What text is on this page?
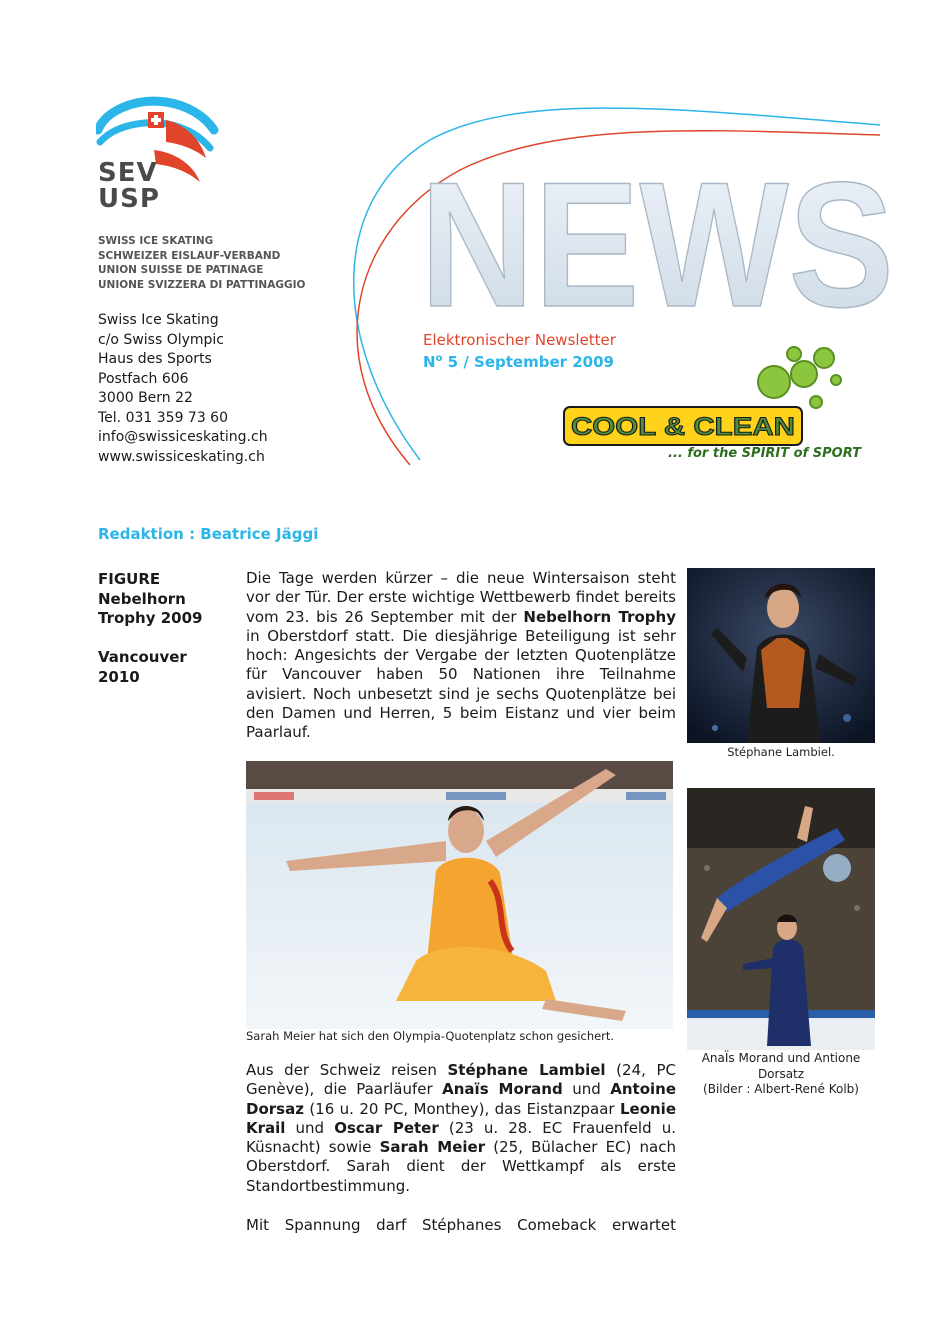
SEV
USP
SWISS ICE SKATING
SCHWEIZER EISLAUF-VERBAND
UNION SUISSE DE PATINAGE
UNIONE SVIZZERA DI PATTINAGGIO
Swiss Ice Skating
c/o Swiss Olympic
Haus des Sports
Postfach 606
3000 Bern 22
Tel. 031 359 73 60
info@swissiceskating.ch
www.swissiceskating.ch
NEWS
Elektronischer Newsletter
$N^o$ 5 / September 2009
COOL & CLEAN
... for the SPIRIT of SPORT
Redaktion : Beatrice Jäggi
FIGURE
Nebelhorn
Trophy 2009
Vancouver
2010
Die Tage werden kürzer – die neue Wintersaison steht vor der Tür. Der erste wichtige Wettbewerb findet bereits vom 23. bis 26 September mit der Nebelhorn Trophy in Oberstdorf statt. Die diesjährige Beteiligung ist sehr hoch: Angesichts der Vergabe der letzten Quotenplätze für Vancouver haben 50 Nationen ihre Teilnahme avisiert. Noch unbesetzt sind je sechs Quotenplätze bei den Damen und Herren, 5 beim Eistanz und vier beim Paarlauf.
Stéphane Lambiel.
Sarah Meier hat sich den Olympia-Quotenplatz schon gesichert.
AnaÏs Morand und Antione Dorsatz
(Bilder : Albert-René Kolb)
Aus der Schweiz reisen Stéphane Lambiel (24, PC Genève), die Paarläufer Anaïs Morand und Antoine Dorsaz (16 u. 20 PC, Monthey), das Eistanzpaar Leonie Krail und Oscar Peter (23 u. 28. EC Frauenfeld u. Küsnacht) sowie Sarah Meier (25, Bülacher EC) nach Oberstdorf. Sarah dient der Wettkampf als erste Standortbestimmung.
Mit Spannung darf Stéphanes Comeback erwartet
